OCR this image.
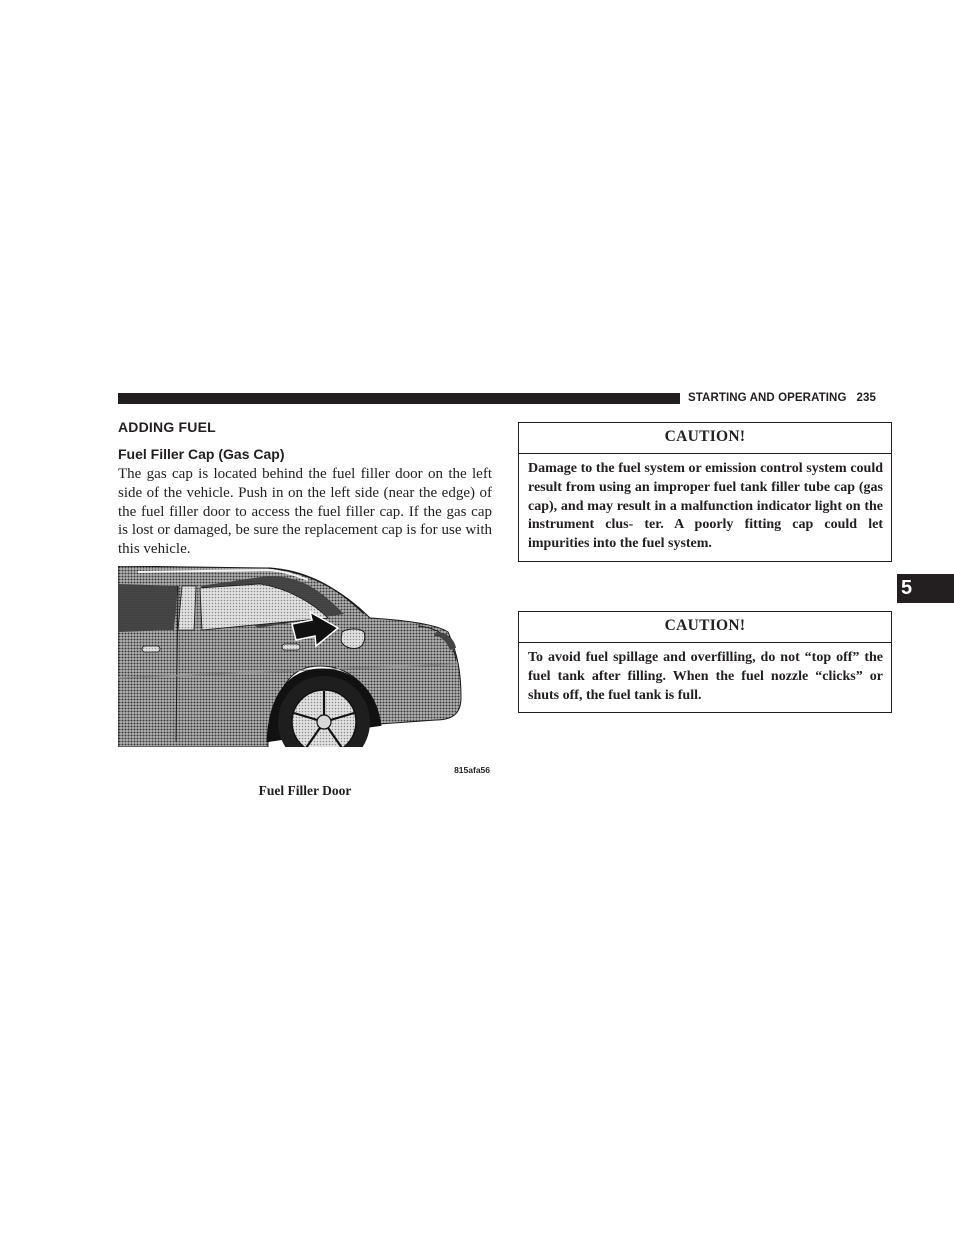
STARTING AND OPERATING 235
ADDING FUEL
Fuel Filler Cap (Gas Cap)
The gas cap is located behind the fuel filler door on the left side of the vehicle. Push in on the left side (near the edge) of the fuel filler door to access the fuel filler cap. If the gas cap is lost or damaged, be sure the replacement cap is for use with this vehicle.
815afa56
Fuel Filler Door
CAUTION!
Damage to the fuel system or emission control system could result from using an improper fuel tank filler tube cap (gas cap), and may result in a malfunction indicator light on the instrument clus- ter. A poorly fitting cap could let impurities into the fuel system.
CAUTION!
To avoid fuel spillage and overfilling, do not “top off” the fuel tank after filling. When the fuel nozzle “clicks” or shuts off, the fuel tank is full.
5
